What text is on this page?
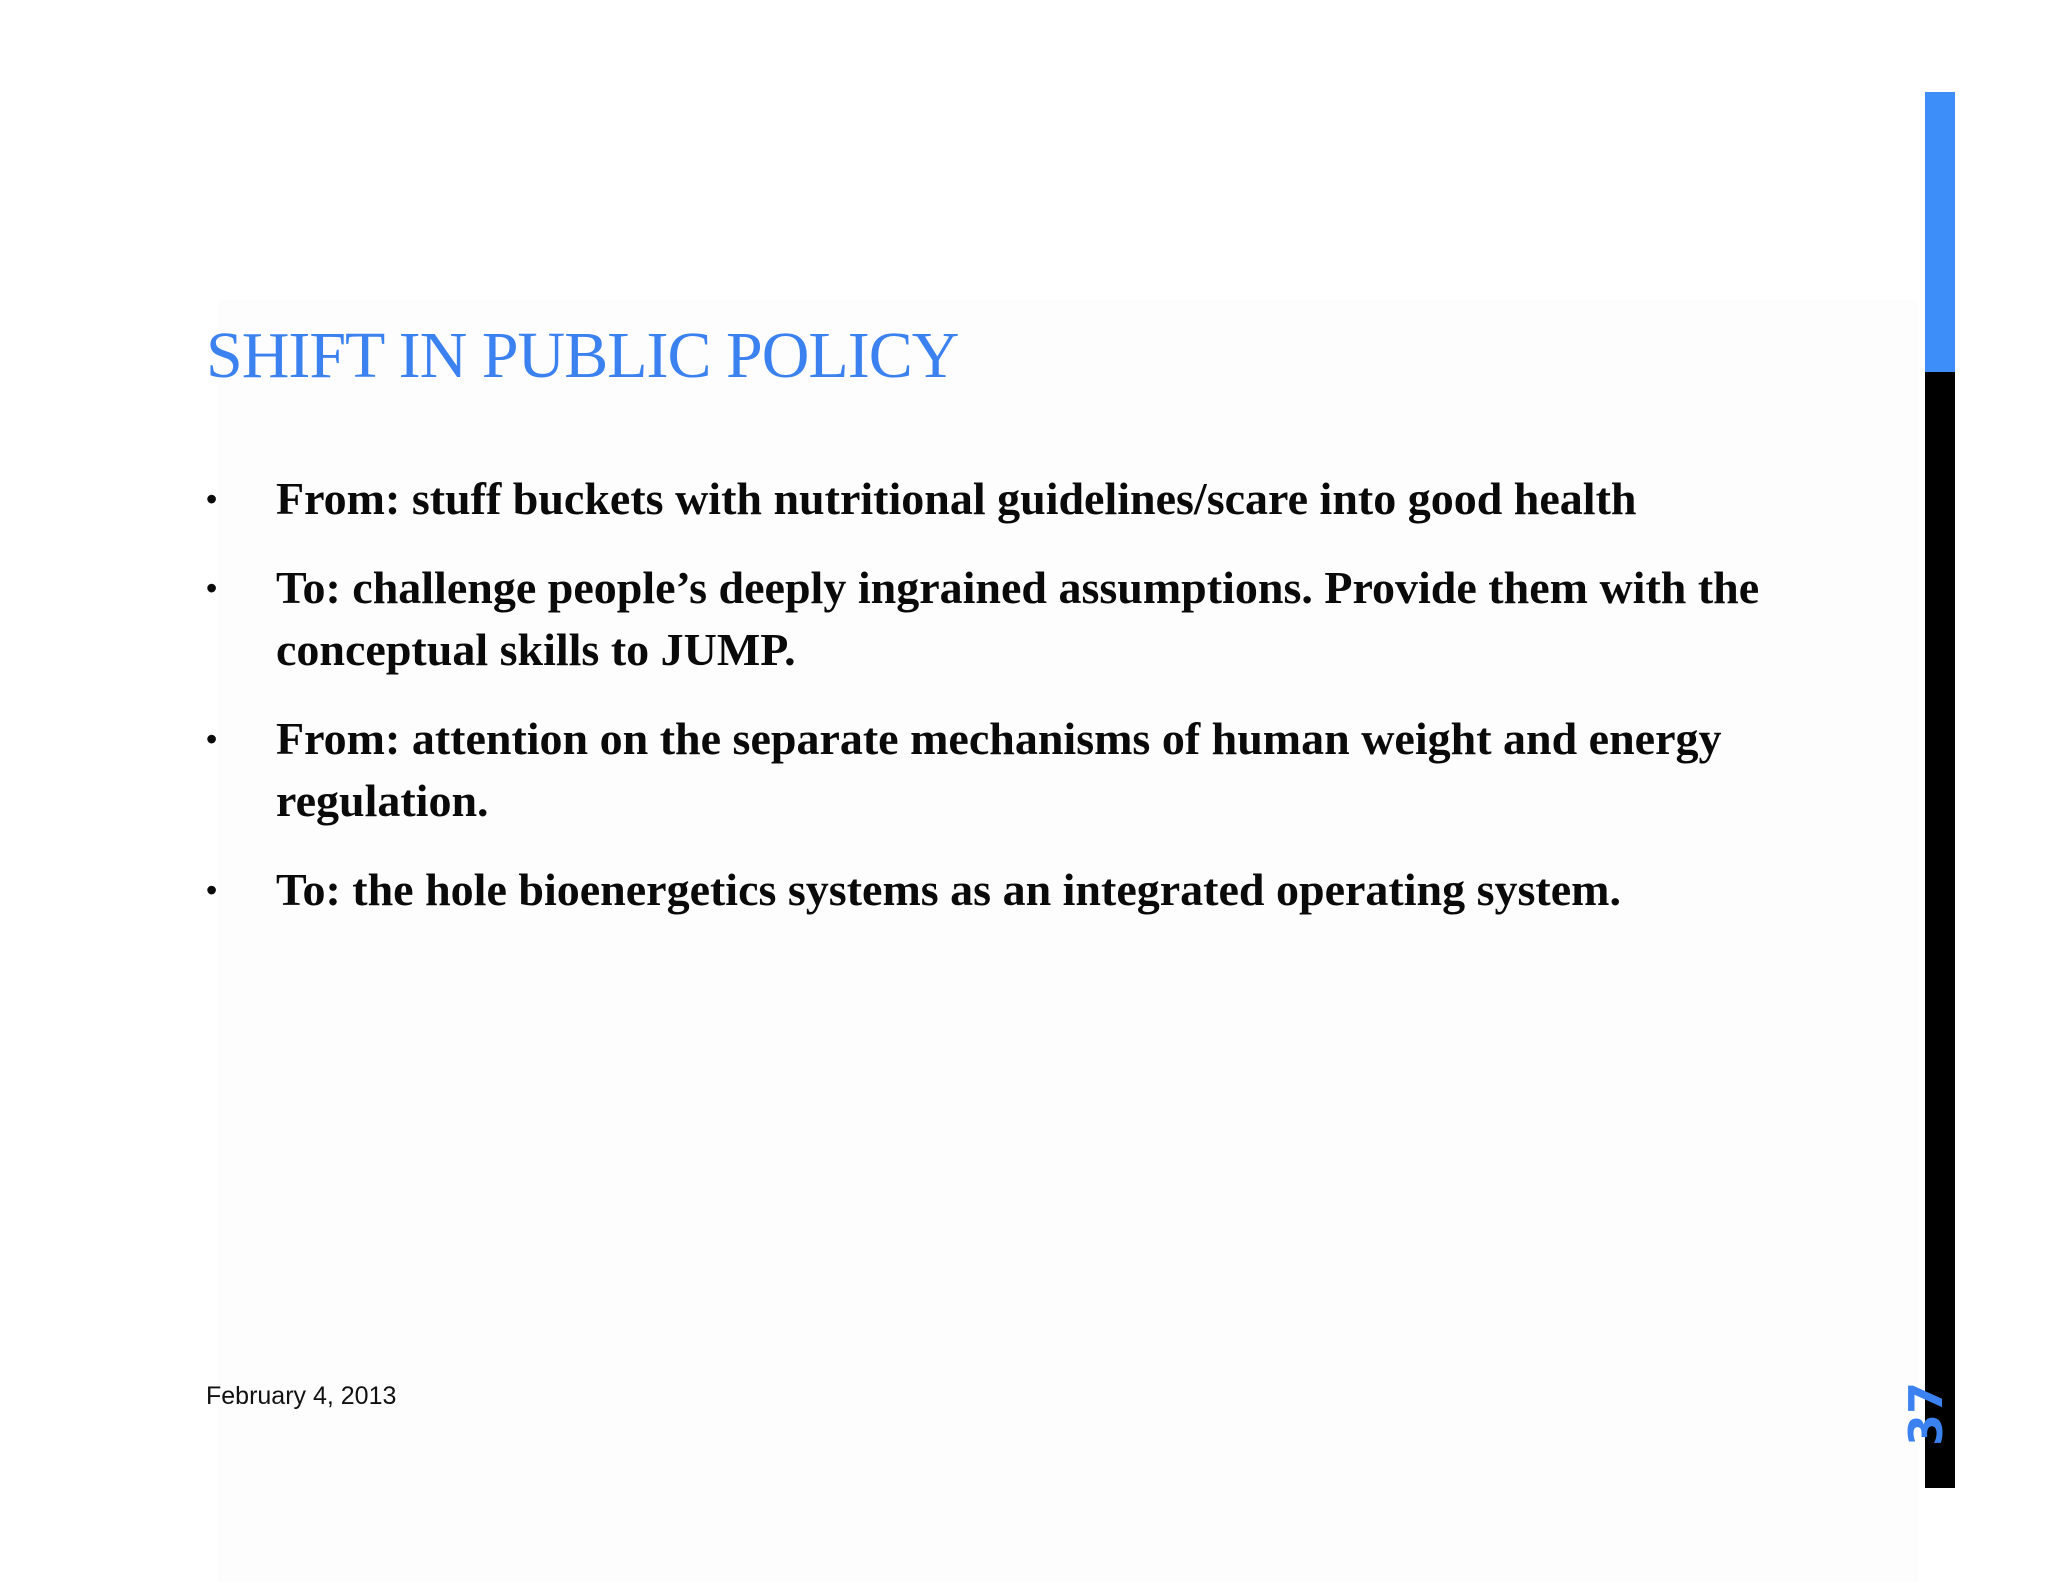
SHIFT IN PUBLIC POLICY
• From: stuff buckets with nutritional guidelines/scare into good health
• To: challenge people’s deeply ingrained assumptions. Provide them with the conceptual skills to JUMP.
• From: attention on the separate mechanisms of human weight and energy regulation.
• To: the hole bioenergetics systems as an integrated operating system.
February 4, 2013	37
